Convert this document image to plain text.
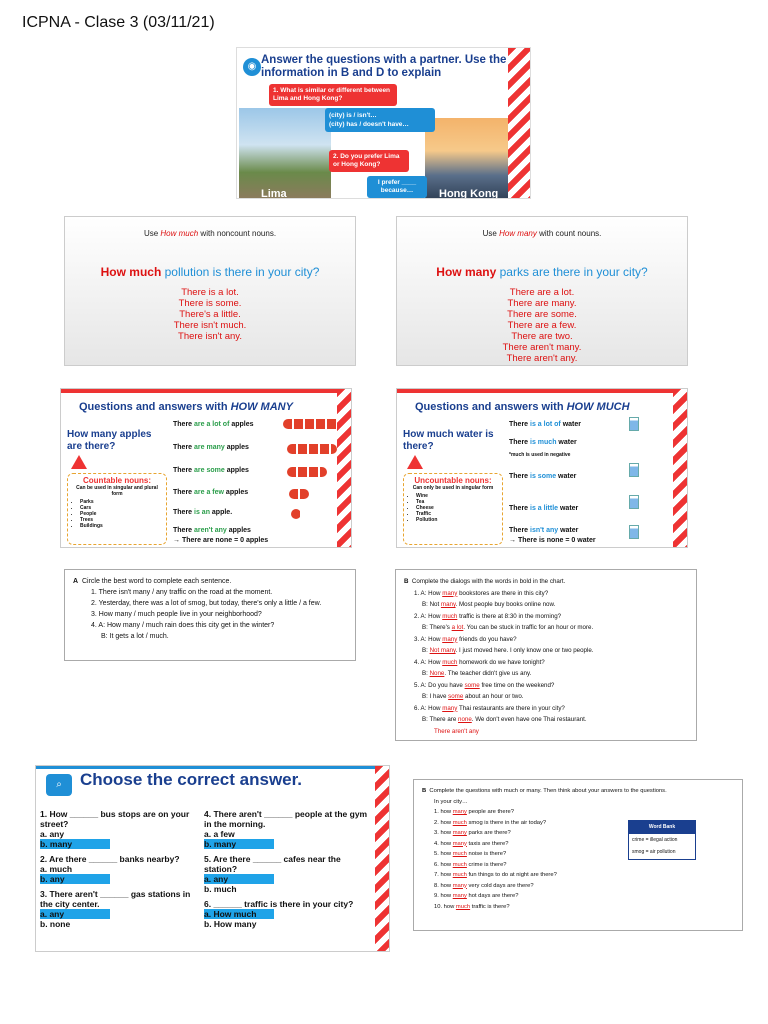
ICPNA - Clase 3 (03/11/21)
◉
Answer the questions with a partner. Use the information in B and D to explain
1. What is similar or different between Lima and Hong Kong?
(city) is / isn't…
(city) has / doesn't have…
2. Do you prefer Lima or Hong Kong?
I prefer ____ because…
Lima	Hong Kong
Use How much with noncount nouns.
How much pollution is there in your city?
There is a lot.
There is some.
There's a little.
There isn't much.
There isn't any.
Use How many with count nouns.
How many parks are there in your city?
There are a lot.
There are many.
There are some.
There are a few.
There are two.
There aren't many.
There aren't any.
Questions and answers with HOW MANY
How many apples are there?
Countable nouns:
Can be used in singular and plural form
• Parks
• Cars
• People
• Trees
• Buildings
There are a lot of apples
There are many apples
There are some apples
There are a few apples
There is an apple.
There aren't any apples
→ There are none = 0 apples
Questions and answers with HOW MUCH
How much water is there?
Uncountable nouns:
Can only be used in singular form
• Wine
• Tea
• Cheese
• Traffic
• Pollution
There is a lot of water
There is much water
There is some water
There is a little water
There isn't any water
→ There is none = 0 water
*much is used in negative
A Circle the best word to complete each sentence.
1. There isn't many / any traffic on the road at the moment.
2. Yesterday, there was a lot of smog, but today, there's only a little / a few.
3. How many / much people live in your neighborhood?
4. A: How many / much rain does this city get in the winter?
B: It gets a lot / much.
B Complete the dialogs with the words in bold in the chart.
1. A: How many bookstores are there in this city?
B: Not many. Most people buy books online now.
2. A: How much traffic is there at 8:30 in the morning?
B: There's a lot. You can be stuck in traffic for an hour or more.
3. A: How many friends do you have?
B: Not many. I just moved here. I only know one or two people.
4. A: How much homework do we have tonight?
B: None. The teacher didn't give us any.
5. A: Do you have some free time on the weekend?
B: I have some about an hour or two.
6. A: How many Thai restaurants are there in your city?
B: There are none. We don't even have one Thai restaurant.
There aren't any
⌕	Choose the correct answer.
1. How ______ bus stops are on your street?
a. any
b. many
2. Are there ______ banks nearby?
a. much
b. any
3. There aren't ______ gas stations in the city center.
a. any
b. none
4. There aren't ______ people at the gym in the morning.
a. a few
b. many
5. Are there ______ cafes near the station?
a. any
b. much
6. ______ traffic is there in your city?
a. How much
b. How many
B Complete the questions with much or many. Then think about your answers to the questions.
In your city…
1. how many people are there?
2. how much smog is there in the air today?
3. how many parks are there?
4. how many taxis are there?
5. how much noise is there?
6. how much crime is there?
7. how much fun things to do at night are there?
8. how many very cold days are there?
9. how many hot days are there?
10. how much traffic is there?
Word Bank
crime = illegal action
smog = air pollution
